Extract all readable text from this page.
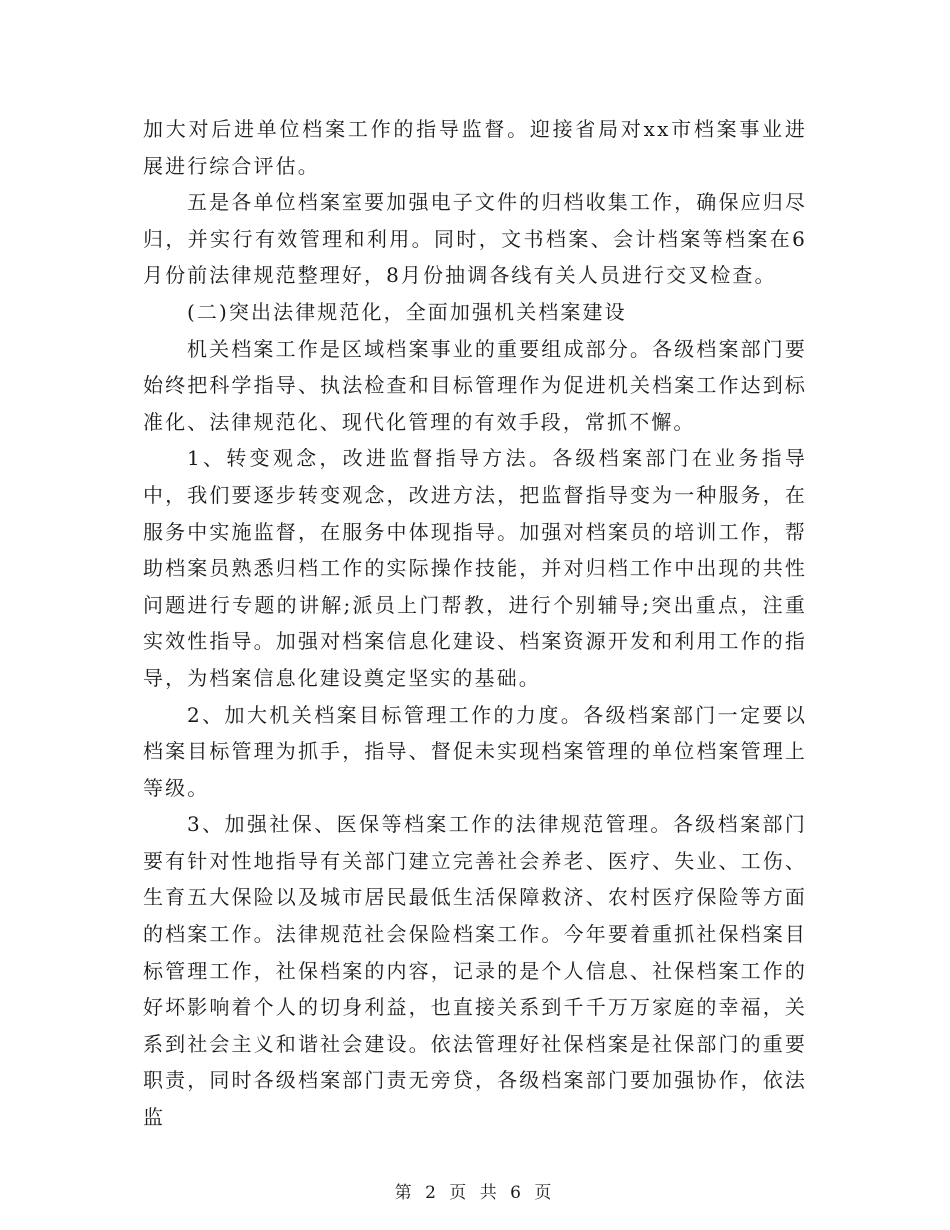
加大对后进单位档案工作的指导监督。迎接省局对xx市档案事业进展进行综合评估。

五是各单位档案室要加强电子文件的归档收集工作，确保应归尽归，并实行有效管理和利用。同时，文书档案、会计档案等档案在6月份前法律规范整理好，8月份抽调各线有关人员进行交叉检查。

(二)突出法律规范化，全面加强机关档案建设

机关档案工作是区域档案事业的重要组成部分。各级档案部门要始终把科学指导、执法检查和目标管理作为促进机关档案工作达到标准化、法律规范化、现代化管理的有效手段，常抓不懈。

1、转变观念，改进监督指导方法。各级档案部门在业务指导中，我们要逐步转变观念，改进方法，把监督指导变为一种服务，在服务中实施监督，在服务中体现指导。加强对档案员的培训工作，帮助档案员熟悉归档工作的实际操作技能，并对归档工作中出现的共性问题进行专题的讲解;派员上门帮教，进行个别辅导;突出重点，注重实效性指导。加强对档案信息化建设、档案资源开发和利用工作的指导，为档案信息化建设奠定坚实的基础。

2、加大机关档案目标管理工作的力度。各级档案部门一定要以档案目标管理为抓手，指导、督促未实现档案管理的单位档案管理上等级。

3、加强社保、医保等档案工作的法律规范管理。各级档案部门要有针对性地指导有关部门建立完善社会养老、医疗、失业、工伤、生育五大保险以及城市居民最低生活保障救济、农村医疗保险等方面的档案工作。法律规范社会保险档案工作。今年要着重抓社保档案目标管理工作，社保档案的内容，记录的是个人信息、社保档案工作的好坏影响着个人的切身利益，也直接关系到千千万万家庭的幸福，关系到社会主义和谐社会建设。依法管理好社保档案是社保部门的重要职责，同时各级档案部门责无旁贷，各级档案部门要加强协作，依法监

第 2 页 共 6 页
